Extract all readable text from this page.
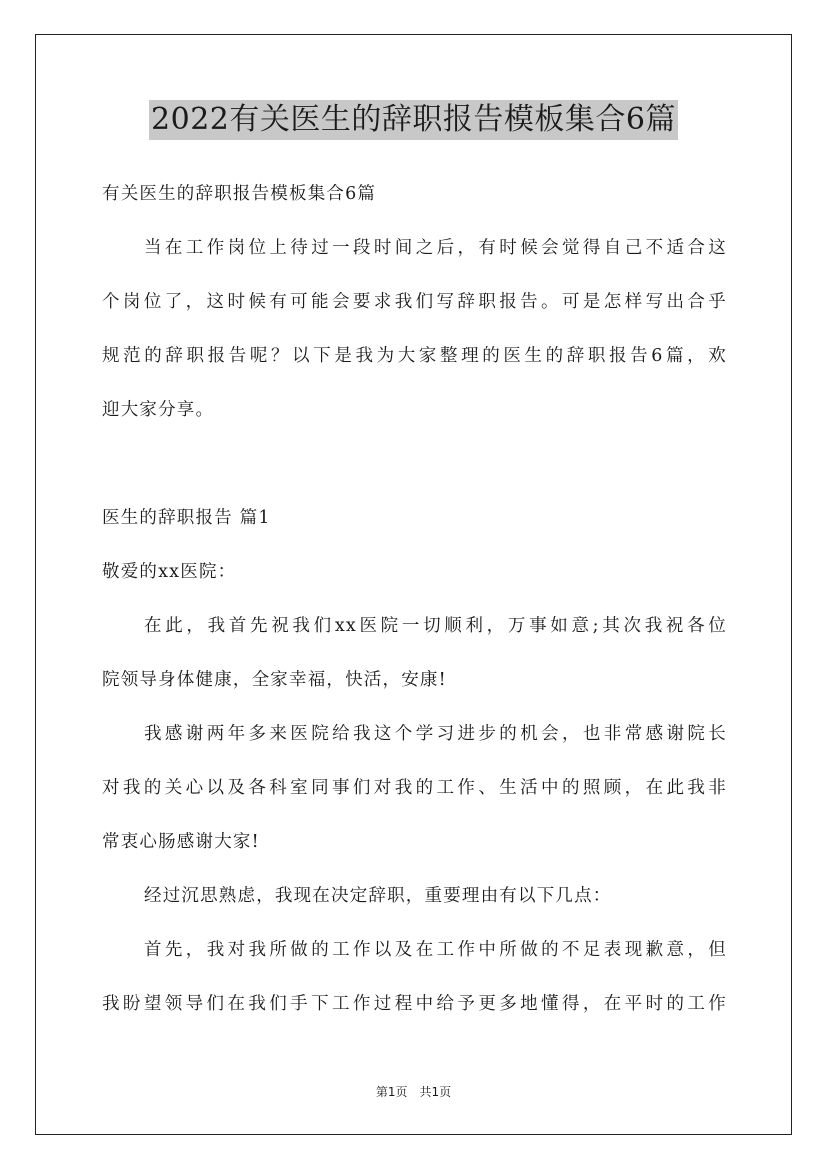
2022有关医生的辞职报告模板集合6篇
有关医生的辞职报告模板集合6篇
当在工作岗位上待过一段时间之后，有时候会觉得自己不适合这
个岗位了，这时候有可能会要求我们写辞职报告。可是怎样写出合乎
规范的辞职报告呢？以下是我为大家整理的医生的辞职报告6篇，欢
迎大家分享。
医生的辞职报告 篇1
敬爱的xx医院：
在此，我首先祝我们xx医院一切顺利，万事如意;其次我祝各位
院领导身体健康，全家幸福，快活，安康!
我感谢两年多来医院给我这个学习进步的机会，也非常感谢院长
对我的关心以及各科室同事们对我的工作、生活中的照顾，在此我非
常衷心肠感谢大家!
经过沉思熟虑，我现在决定辞职，重要理由有以下几点：
首先，我对我所做的工作以及在工作中所做的不足表现歉意，但
我盼望领导们在我们手下工作过程中给予更多地懂得，在平时的工作
第1页 共1页
